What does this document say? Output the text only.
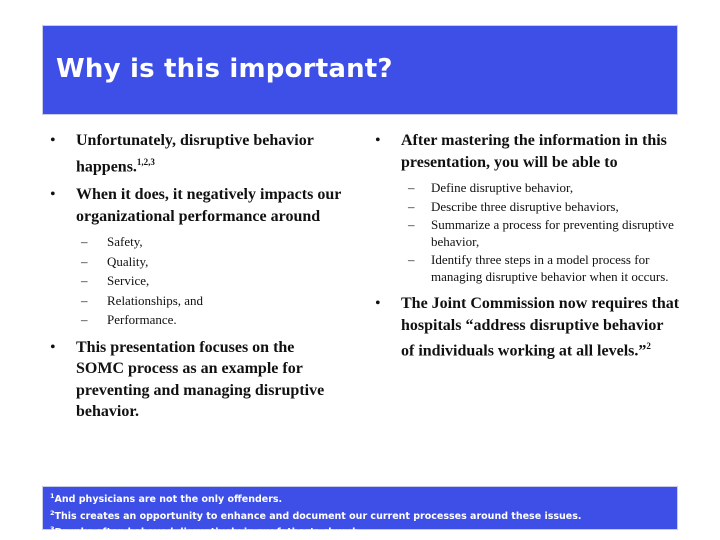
Why is this important?
• Unfortunately, disruptive behavior happens.$^{1,2,3}$
• When it does, it negatively impacts our organizational performance around
– Safety,
– Quality,
– Service,
– Relationships, and
– Performance.
• This presentation focuses on the SOMC process as an example for preventing and managing disruptive behavior.
• After mastering the information in this presentation, you will be able to
– Define disruptive behavior,
– Describe three disruptive behaviors,
– Summarize a process for preventing disruptive behavior,
– Identify three steps in a model process for managing disruptive behavior when it occurs.
• The Joint Commission now requires that hospitals “address disruptive behavior of individuals working at all levels.”$^2$
$^1$And physicians are not the only offenders.
$^2$This creates an opportunity to enhance and document our current processes around these issues.
$^3$Drunks often behaved disruptively in my father’s church.
